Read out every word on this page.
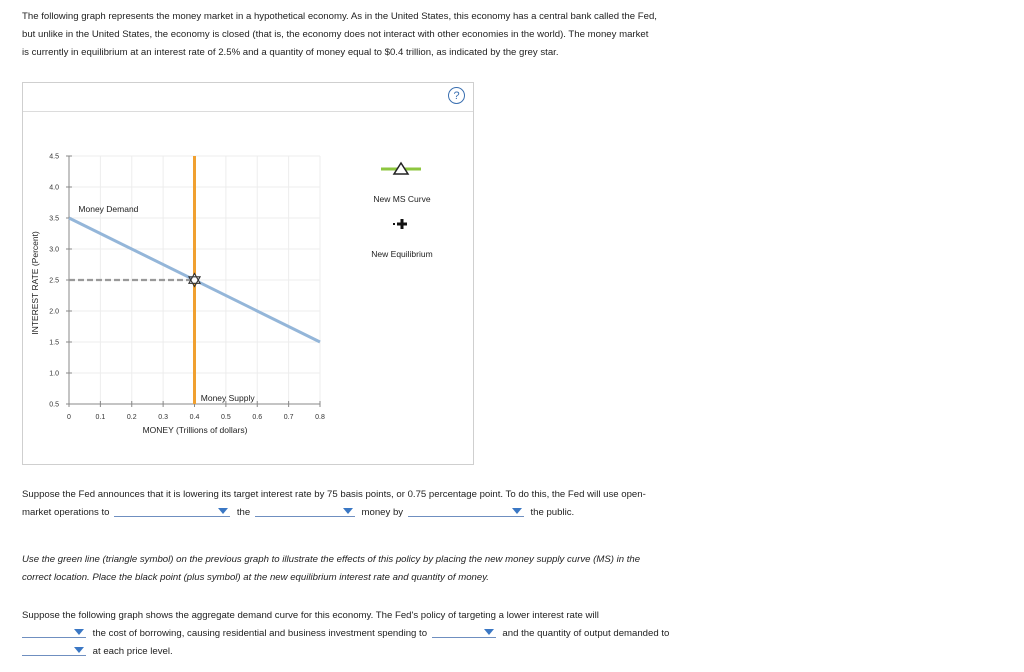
The following graph represents the money market in a hypothetical economy. As in the United States, this economy has a central bank called the Fed,

but unlike in the United States, the economy is closed (that is, the economy does not interact with other economies in the world). The money market

is currently in equilibrium at an interest rate of 2.5% and a quantity of money equal to $0.4 trillion, as indicated by the grey star.

?
0	0.1	0.2	0.3	0.4	0.5	0.6	0.7	0.8
0.5
1.0
1.5
2.0
2.5
3.0
3.5
4.0
4.5
Money Demand
Money Supply
INTEREST RATE (Percent)
MONEY (Trillions of dollars)
New MS Curve
New Equilibrium

Suppose the Fed announces that it is lowering its target interest rate by 75 basis points, or 0.75 percentage point. To do this, the Fed will use open-

market operations to	the	money by	the public.

Use the green line (triangle symbol) on the previous graph to illustrate the effects of this policy by placing the new money supply curve (MS) in the

correct location. Place the black point (plus symbol) at the new equilibrium interest rate and quantity of money.

Suppose the following graph shows the aggregate demand curve for this economy. The Fed's policy of targeting a lower interest rate will

the cost of borrowing, causing residential and business investment spending to	and the quantity of output demanded to

at each price level.
